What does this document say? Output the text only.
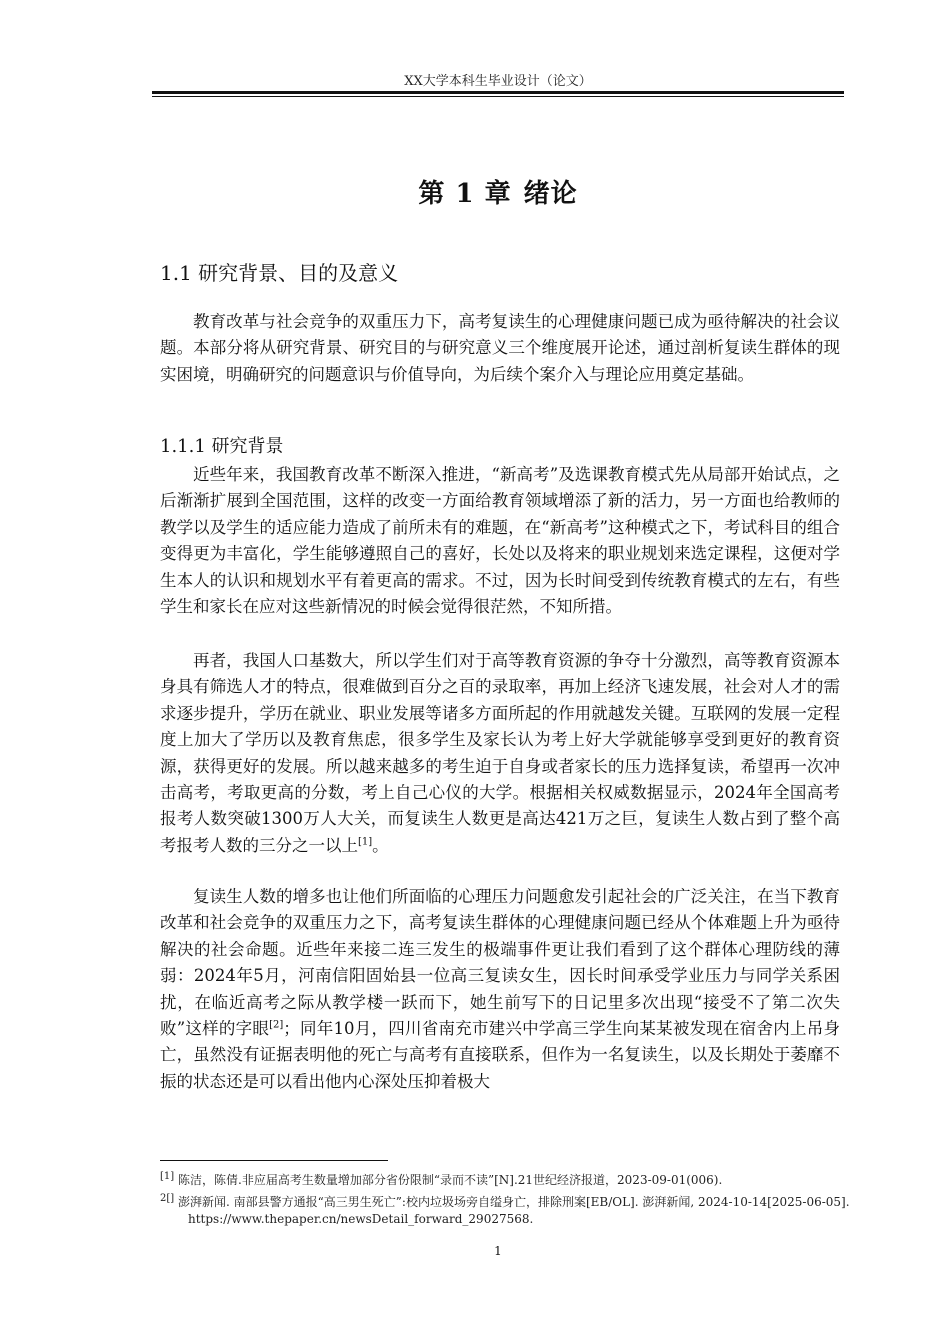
XX大学本科生毕业设计（论文）
第 1 章 绪论
1.1 研究背景、目的及意义

教育改革与社会竞争的双重压力下，高考复读生的心理健康问题已成为亟待解决的社会议题。本部分将从研究背景、研究目的与研究意义三个维度展开论述，通过剖析复读生群体的现实困境，明确研究的问题意识与价值导向，为后续个案介入与理论应用奠定基础。

1.1.1 研究背景

近些年来，我国教育改革不断深入推进，“新高考”及选课教育模式先从局部开始试点，之后渐渐扩展到全国范围，这样的改变一方面给教育领域增添了新的活力，另一方面也给教师的教学以及学生的适应能力造成了前所未有的难题，在“新高考”这种模式之下，考试科目的组合变得更为丰富化，学生能够遵照自己的喜好，长处以及将来的职业规划来选定课程，这便对学生本人的认识和规划水平有着更高的需求。不过，因为长时间受到传统教育模式的左右，有些学生和家长在应对这些新情况的时候会觉得很茫然，不知所措。

再者，我国人口基数大，所以学生们对于高等教育资源的争夺十分激烈，高等教育资源本身具有筛选人才的特点，很难做到百分之百的录取率，再加上经济飞速发展，社会对人才的需求逐步提升，学历在就业、职业发展等诸多方面所起的作用就越发关键。互联网的发展一定程度上加大了学历以及教育焦虑，很多学生及家长认为考上好大学就能够享受到更好的教育资源，获得更好的发展。所以越来越多的考生迫于自身或者家长的压力选择复读，希望再一次冲击高考，考取更高的分数，考上自己心仪的大学。根据相关权威数据显示，2024年全国高考报考人数突破1300万人大关，而复读生人数更是高达421万之巨，复读生人数占到了整个高考报考人数的三分之一以上[1]。

复读生人数的增多也让他们所面临的心理压力问题愈发引起社会的广泛关注，在当下教育改革和社会竞争的双重压力之下，高考复读生群体的心理健康问题已经从个体难题上升为亟待解决的社会命题。近些年来接二连三发生的极端事件更让我们看到了这个群体心理防线的薄弱：2024年5月，河南信阳固始县一位高三复读女生，因长时间承受学业压力与同学关系困扰，在临近高考之际从教学楼一跃而下，她生前写下的日记里多次出现“接受不了第二次失败”这样的字眼[2]；同年10月，四川省南充市建兴中学高三学生向某某被发现在宿舍内上吊身亡，虽然没有证据表明他的死亡与高考有直接联系，但作为一名复读生，以及长期处于萎靡不振的状态还是可以看出他内心深处压抑着极大

[1] 陈洁，陈倩.非应届高考生数量增加部分省份限制“录而不读”[N].21世纪经济报道，2023-09-01(006).

$^{2[]}$ 澎湃新闻. 南部县警方通报“高三男生死亡”:校内垃圾场旁自缢身亡，排除刑案[EB/OL]. 澎湃新闻, 2024-10-14[2025-06-05]. https://www.thepaper.cn/newsDetail_forward_29027568.

1
